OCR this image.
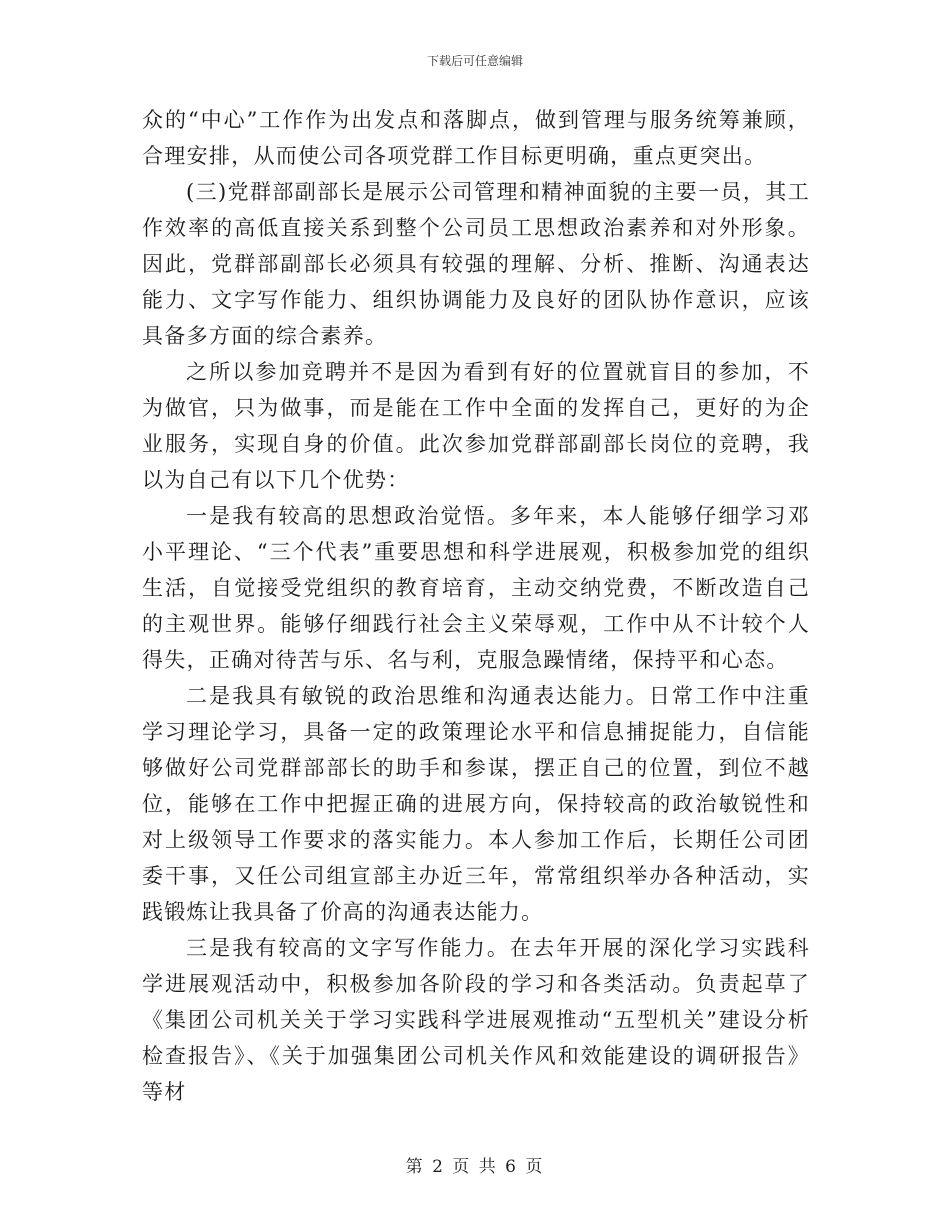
下载后可任意编辑

众的“中心”工作作为出发点和落脚点，做到管理与服务统筹兼顾，合理安排，从而使公司各项党群工作目标更明确，重点更突出。

(三)党群部副部长是展示公司管理和精神面貌的主要一员，其工作效率的高低直接关系到整个公司员工思想政治素养和对外形象。因此，党群部副部长必须具有较强的理解、分析、推断、沟通表达能力、文字写作能力、组织协调能力及良好的团队协作意识，应该具备多方面的综合素养。

之所以参加竞聘并不是因为看到有好的位置就盲目的参加，不为做官，只为做事，而是能在工作中全面的发挥自己，更好的为企业服务，实现自身的价值。此次参加党群部副部长岗位的竞聘，我以为自己有以下几个优势：

一是我有较高的思想政治觉悟。多年来，本人能够仔细学习邓小平理论、“三个代表”重要思想和科学进展观，积极参加党的组织生活，自觉接受党组织的教育培育，主动交纳党费，不断改造自己的主观世界。能够仔细践行社会主义荣辱观，工作中从不计较个人得失，正确对待苦与乐、名与利，克服急躁情绪，保持平和心态。

二是我具有敏锐的政治思维和沟通表达能力。日常工作中注重学习理论学习，具备一定的政策理论水平和信息捕捉能力，自信能够做好公司党群部部长的助手和参谋，摆正自己的位置，到位不越位，能够在工作中把握正确的进展方向，保持较高的政治敏锐性和对上级领导工作要求的落实能力。本人参加工作后，长期任公司团委干事，又任公司组宣部主办近三年，常常组织举办各种活动，实践锻炼让我具备了价高的沟通表达能力。

三是我有较高的文字写作能力。在去年开展的深化学习实践科学进展观活动中，积极参加各阶段的学习和各类活动。负责起草了《集团公司机关关于学习实践科学进展观推动“五型机关”建设分析检查报告》、《关于加强集团公司机关作风和效能建设的调研报告》等材

第 2 页 共 6 页
